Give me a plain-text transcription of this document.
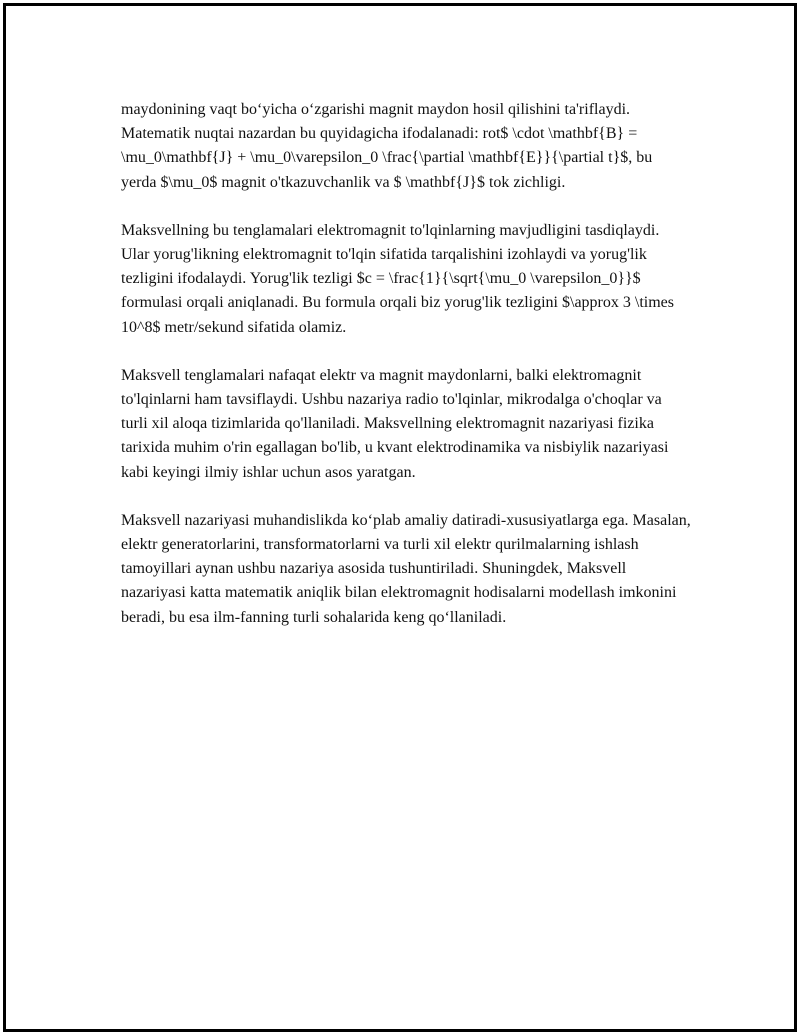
maydonining vaqt bo‘yicha o‘zgarishi magnit maydon hosil qilishini ta'riflaydi. Matematik nuqtai nazardan bu quyidagicha ifodalanadi: rot$ \cdot \mathbf{B} = \mu_0\mathbf{J} + \mu_0\varepsilon_0 \frac{\partial \mathbf{E}}{\partial t}$, bu yerda $\mu_0$ magnit o'tkazuvchanlik va $ \mathbf{J}$ tok zichligi.

Maksvellning bu tenglamalari elektromagnit to'lqinlarning mavjudligini tasdiqlaydi. Ular yorug'likning elektromagnit to'lqin sifatida tarqalishini izohlaydi va yorug'lik tezligini ifodalaydi. Yorug'lik tezligi $c = \frac{1}{\sqrt{\mu_0 \varepsilon_0}}$ formulasi orqali aniqlanadi. Bu formula orqali biz yorug'lik tezligini $\approx 3 \times 10^8$ metr/sekund sifatida olamiz.

Maksvell tenglamalari nafaqat elektr va magnit maydonlarni, balki elektromagnit to'lqinlarni ham tavsiflaydi. Ushbu nazariya radio to'lqinlar, mikrodalga o'choqlar va turli xil aloqa tizimlarida qo'llaniladi. Maksvellning elektromagnit nazariyasi fizika tarixida muhim o'rin egallagan bo'lib, u kvant elektrodinamika va nisbiylik nazariyasi kabi keyingi ilmiy ishlar uchun asos yaratgan.

Maksvell nazariyasi muhandislikda ko‘plab amaliy datiradi-xususiyatlarga ega. Masalan, elektr generatorlarini, transformatorlarni va turli xil elektr qurilmalarning ishlash tamoyillari aynan ushbu nazariya asosida tushuntiriladi. Shuningdek, Maksvell nazariyasi katta matematik aniqlik bilan elektromagnit hodisalarni modellash imkonini beradi, bu esa ilm-fanning turli sohalarida keng qo‘llaniladi.
